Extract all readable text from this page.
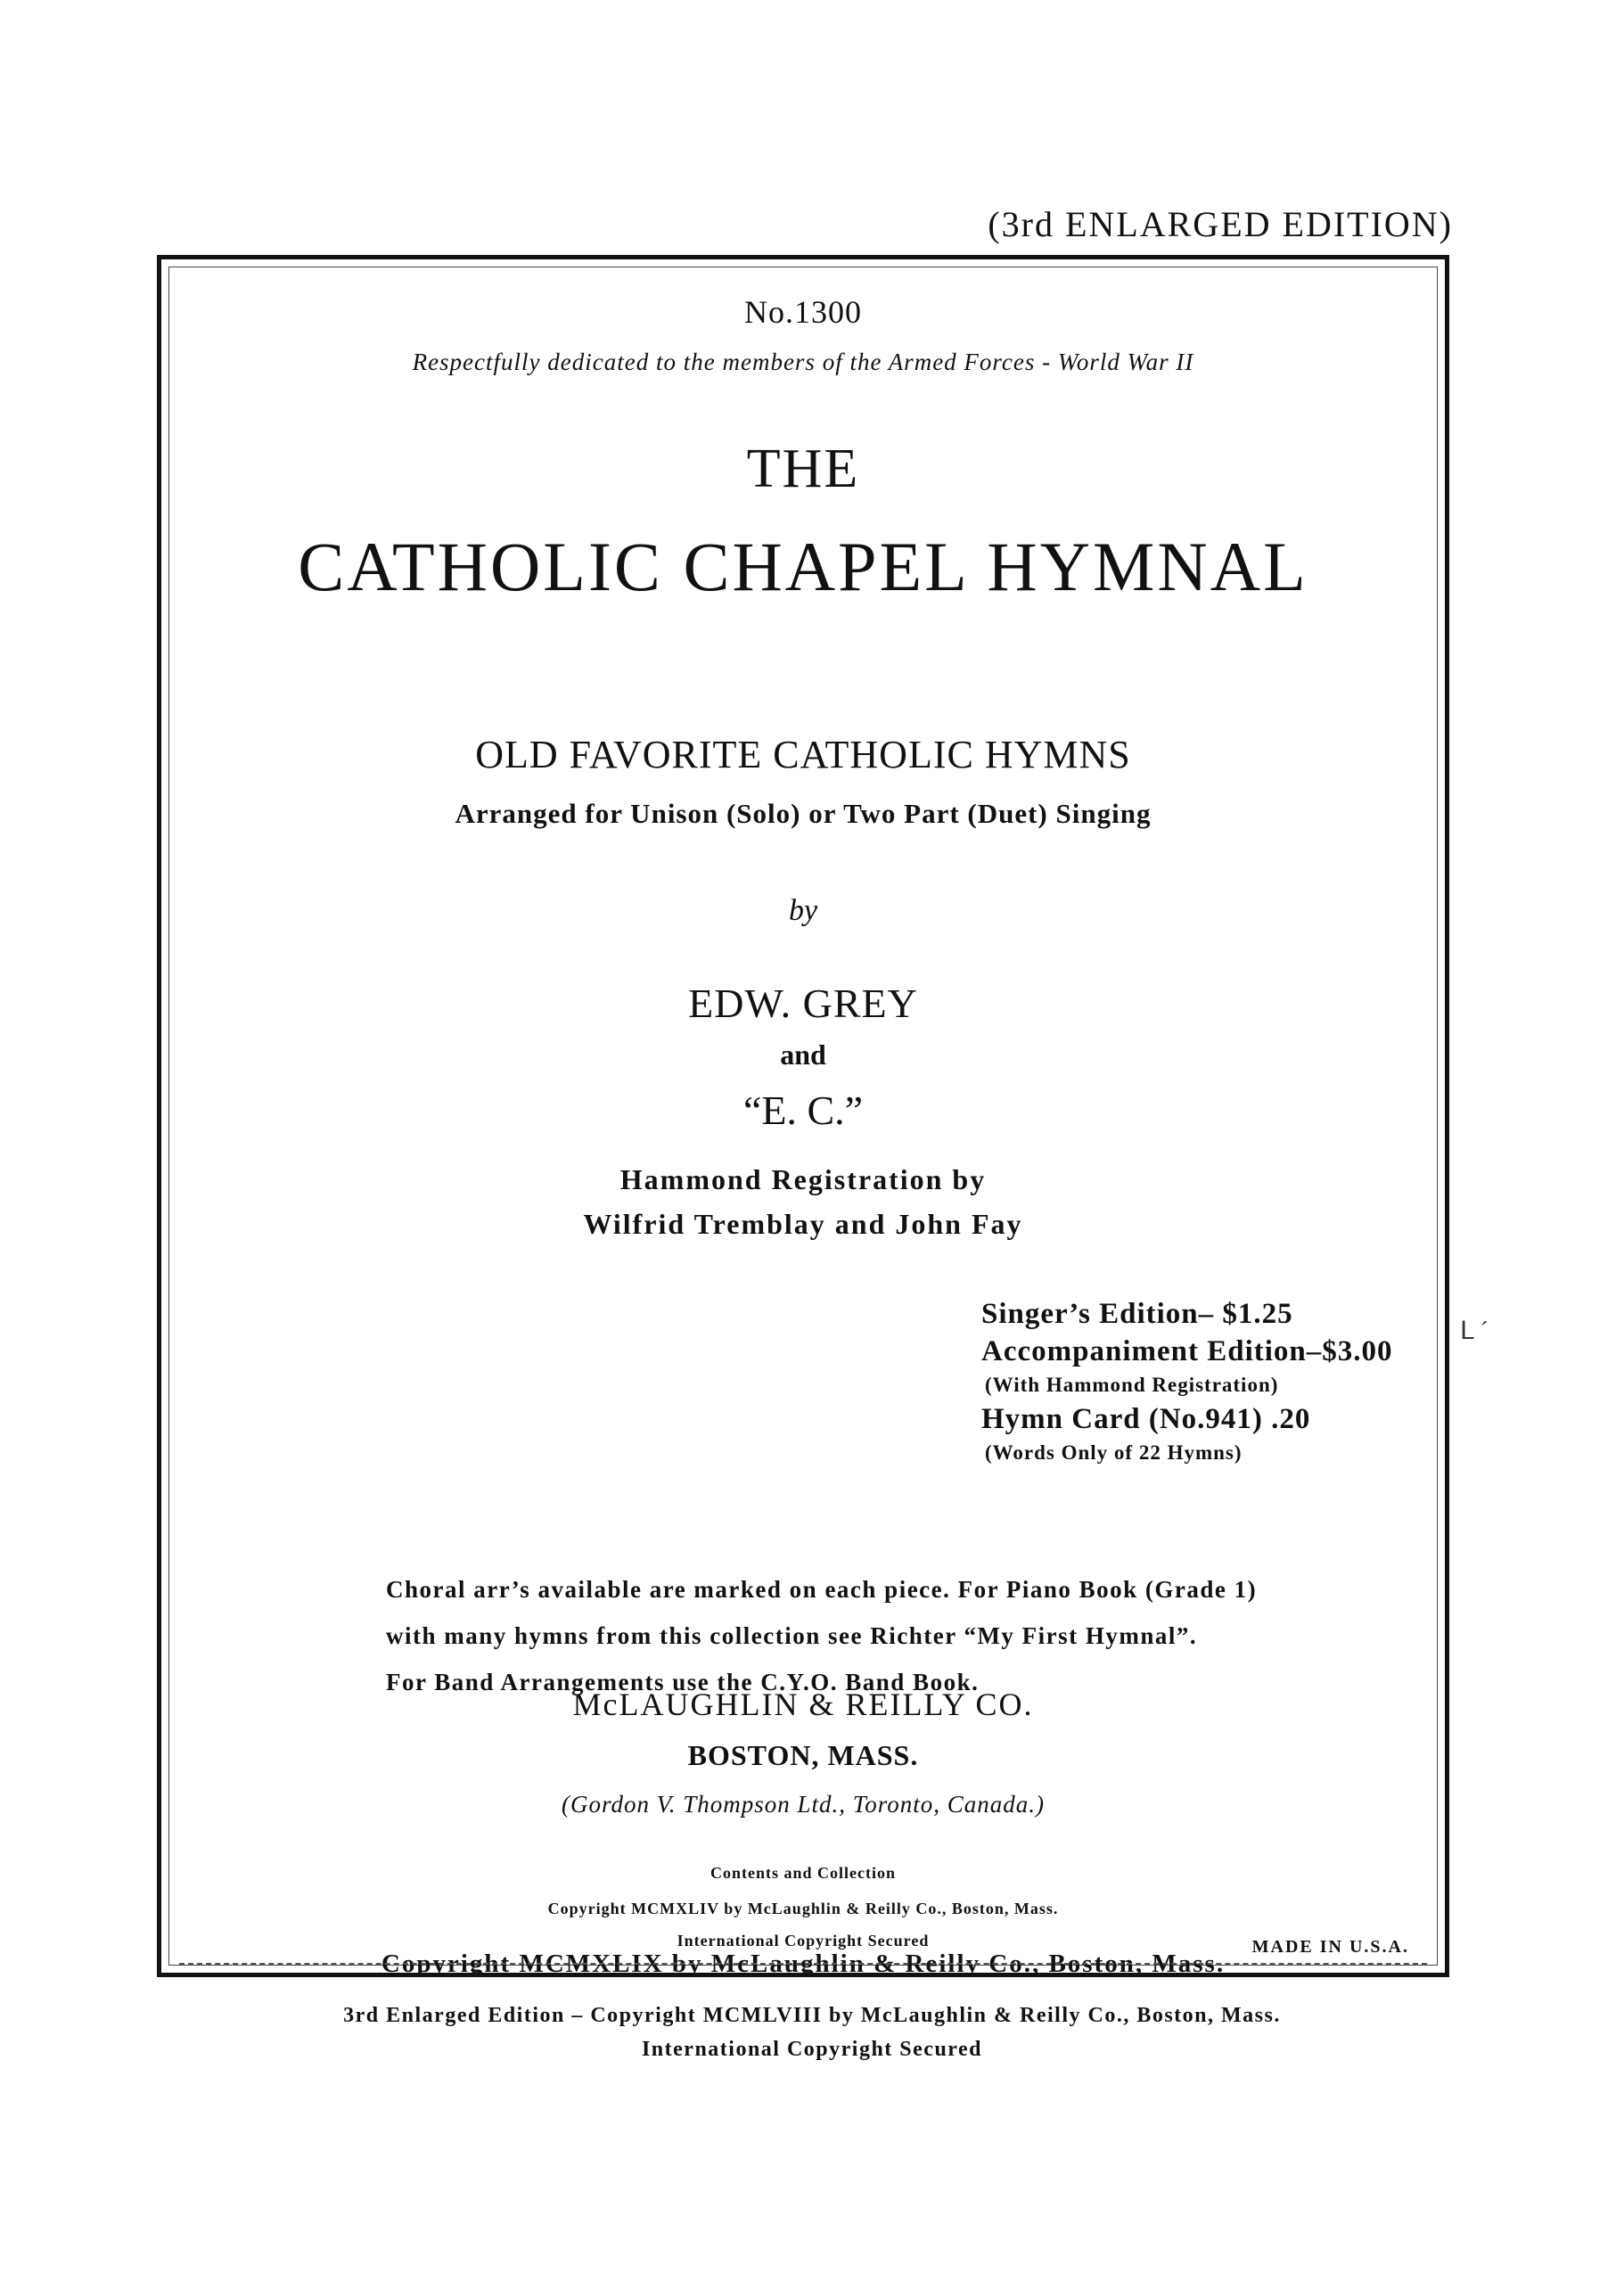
(3rd ENLARGED EDITION)
No.1300
Respectfully dedicated to the members of the Armed Forces - World War II
THE
CATHOLIC CHAPEL HYMNAL
OLD FAVORITE CATHOLIC HYMNS
Arranged for Unison (Solo) or Two Part (Duet) Singing
by
EDW. GREY
and
“E. C.”
Hammond Registration by
Wilfrid Tremblay and John Fay
Singer’s Edition– $1.25
Accompaniment Edition–$3.00
(With Hammond Registration)
Hymn Card (No.941) .20
(Words Only of 22 Hymns)
Choral arr’s available are marked on each piece. For Piano Book (Grade 1)
with many hymns from this collection see Richter “My First Hymnal”.
For Band Arrangements use the C.Y.O. Band Book.
McLAUGHLIN & REILLY CO.
BOSTON, MASS.
(Gordon V. Thompson Ltd., Toronto, Canada.)
Contents and Collection
Copyright MCMXLIV by McLaughlin & Reilly Co., Boston, Mass.
International Copyright Secured
Copyright MCMXLIX by McLaughlin & Reilly Co., Boston, Mass.
MADE IN U.S.A.
ᒪ ˊ
3rd Enlarged Edition – Copyright MCMLVIII by McLaughlin & Reilly Co., Boston, Mass.
International Copyright Secured
